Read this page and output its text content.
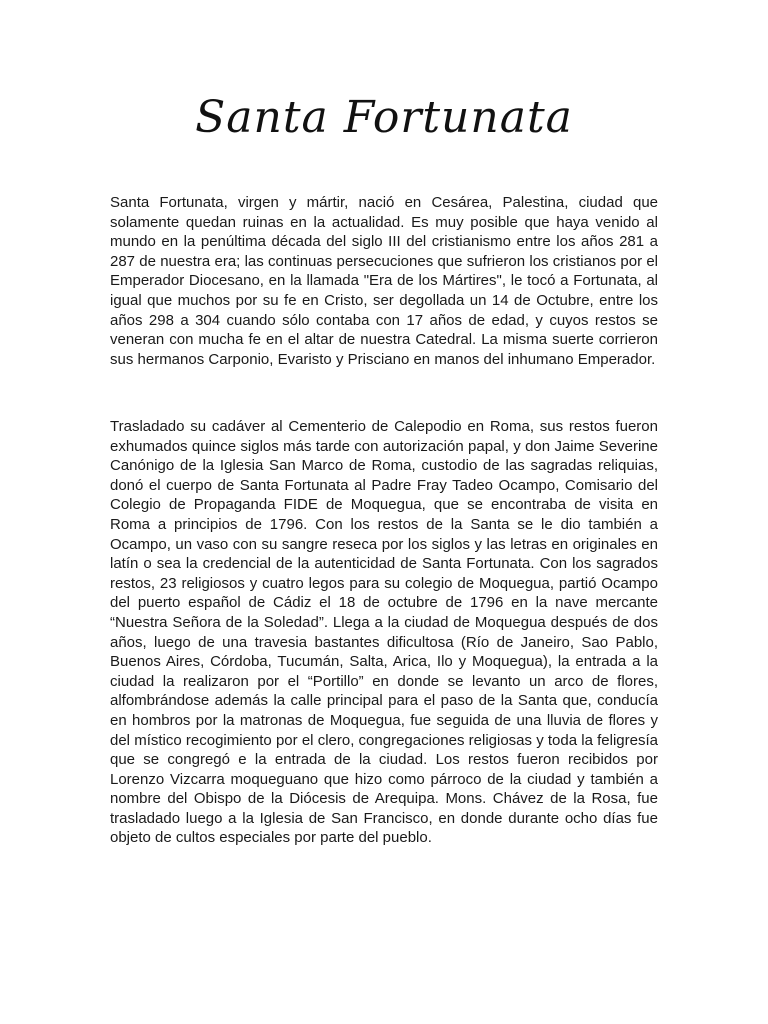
Santa Fortunata

Santa Fortunata, virgen y mártir, nació en Cesárea, Palestina, ciudad que solamente quedan ruinas en la actualidad. Es muy posible que haya venido al mundo en la penúltima década del siglo III del cristianismo entre los años 281 a 287 de nuestra era; las continuas persecuciones que sufrieron los cristianos por el Emperador Diocesano, en la llamada "Era de los Mártires", le tocó a Fortunata, al igual que muchos por su fe en Cristo, ser degollada un 14 de Octubre, entre los años 298 a 304 cuando sólo contaba con 17 años de edad, y cuyos restos se veneran con mucha fe en el altar de nuestra Catedral. La misma suerte corrieron sus hermanos Carponio, Evaristo y Prisciano en manos del inhumano Emperador.

Trasladado su cadáver al Cementerio de Calepodio en Roma, sus restos fueron exhumados quince siglos más tarde con autorización papal, y don Jaime Severine Canónigo de la Iglesia San Marco de Roma, custodio de las sagradas reliquias, donó el cuerpo de Santa Fortunata al Padre Fray Tadeo Ocampo, Comisario del Colegio de Propaganda FIDE de Moquegua, que se encontraba de visita en Roma a principios de 1796. Con los restos de la Santa se le dio también a Ocampo, un vaso con su sangre reseca por los siglos y las letras en originales en latín o sea la credencial de la autenticidad de Santa Fortunata. Con los sagrados restos, 23 religiosos y cuatro legos para su colegio de Moquegua, partió Ocampo del puerto español de Cádiz el 18 de octubre de 1796 en la nave mercante “Nuestra Señora de la Soledad”. Llega a la ciudad de Moquegua después de dos años, luego de una travesia bastantes dificultosa (Río de Janeiro, Sao Pablo, Buenos Aires, Córdoba, Tucumán, Salta, Arica, Ilo y Moquegua), la entrada a la ciudad la realizaron por el “Portillo” en donde se levanto un arco de flores, alfombrándose además la calle principal para el paso de la Santa que, conducía en hombros por la matronas de Moquegua, fue seguida de una lluvia de flores y del místico recogimiento por el clero, congregaciones religiosas y toda la feligresía que se congregó e la entrada de la ciudad. Los restos fueron recibidos por Lorenzo Vizcarra moqueguano que hizo como párroco de la ciudad y también a nombre del Obispo de la Diócesis de Arequipa. Mons. Chávez de la Rosa, fue trasladado luego a la Iglesia de San Francisco, en donde durante ocho días fue objeto de cultos especiales por parte del pueblo.
